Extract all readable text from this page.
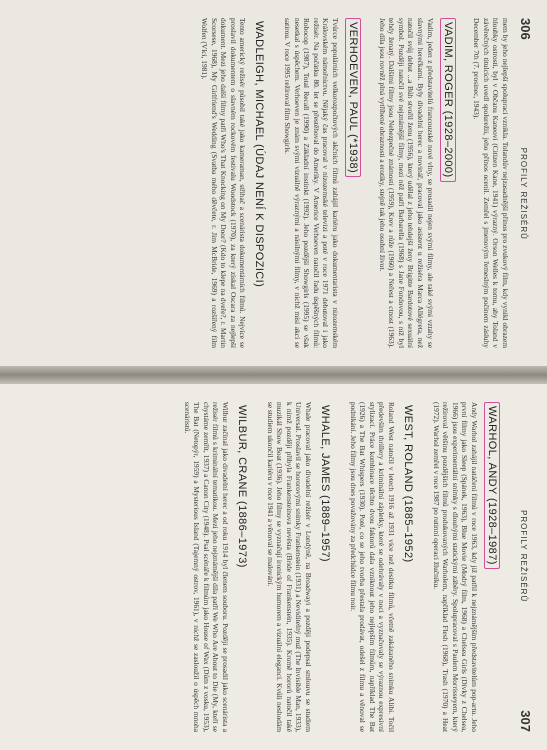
306
PROFILY REŽISÉRŮ

mem by jeho nejlepší spoluprací vznikla. Tolandův nejzasadnější přínos pro zvukový film, kdy vynikl obrazem hloubky ostrosti, byl v Občanu Kaneovi (Citizen Kane, 1941) výrazný. Orson Welles k tomu, aby Toland v závěrečných titulcích uvedl spolurežii, jeho přínos ocenil. Zemřel s jmenovým řemeslným počinem zásluhy December 7th (7. prosinec, 1943).

VADIM, ROGER (1928–2000)

Vadim, jeden z představitelů francouzské nové vlny, se prosadil nejen svými filmy, ale také svými vztahy se slavnými herečkami. Byly divadelní herec a novinář, pracoval jako asistent u režiséra Marca Allégreta, než natočil svůj debut ...a Bůh stvořil ženu (1956), který udělal z jeho tehdejší ženy Brigitte Bardotové sexuální symbol. Později natočil své nejznámější filmy, mezi něž patří Barbarella (1968) s Jane Fondovou, s níž byl tehdy ženatý. Dalšími filmy jsou Nebezpečné známosti (1959), Krev a růže (1960) a Neřest a ctnost (1963). Jeho díla jsou rovněž plná vytříbené obraznosti a erotiky, stejně tak jeho osobní život.

VERHOEVEN, PAUL (*1938)

Tvůrce populárních velkorozpočtových akčních filmů zahájil kariéru jako dokumentarista v nizozemském Královském námořnictvu. Nějaký čas pracoval v nizozemské televizi a poté v roce 1971 debutoval i jako režisér. Na počátku 80. let se přestěhoval do Ameriky. V Americe Verhoeven natočil řadu úspěšných filmů: Robocop (1987), Total Recall (1990) a Základní instinkt (1992). Jeho pozdější Showgirls (1995) se však nesetkal s úspěchem. Verhoeven je znám svými vizuálně výraznými a násilnými filmy, v nichž mísí akci se satirou. V roce 1995 režíroval film Showgirls.

WADLEIGH, MICHAEL (ÚDAJ NENÍ K DISPOZICI)

Tento americký režisér působil také jako kameraman, střihač a scenárista dokumentárních filmů. Nejvíce se proslavil dokumentem o slavném rockovém festivalu Woodstock (1970), za který získal Oscara za nejlepší dokument. Mezi jeho další filmy patří Who's That Knocking on My Door? (Kdo to klepe na dveře?, r. Martin Scorsese, 1968), My Girlfriend's Wedding (Svatba mého děvčete, r. Jim McBride, 1969) a rozšířený film Wolfen (Vlci, 1981).

PROFILY REŽISÉRŮ
307
WARHOL, ANDY (1928–1987)

Andy Warhol zahájil natáčení filmů v roce 1963, kdy již patřil k nejznámějším představitelům pop-artu. Jeho první filmy jako Sleep (Spánek, 1963), Blue Movie (Modrý film, 1968) a Chelsea Girls (Dívky z Chelsea, 1966) jsou experimentální snímky s dlouhými statickými záběry. Spolupracoval s Paulem Morrisseyem, který režíroval většinu pozdějších filmů produkovaných Warholem, například Flesh (1968), Trash (1970) a Heat (1972). Warhol zemřel v roce 1987 po rutinní operaci žlučníku.

WEST, ROLAND (1885–1952)

Roland West natočil v letech 1916 až 1931 více než desítku filmů, včetně zakázaného snímku Alibi. Točil především thrillery a kriminální zápletky, které se odehrávaly v noci a vyznačovaly se výraznou expresivní stylizací. Práce kombinace těchto dvou faktorů dala vzniknout jeho nejlepším filmům, například The Bat (1926) a The Bat Whispers (1930). Poté, co se jeho tvorba přestala prodávat, odešel z filmu a věnoval se podnikání. Jeho filmy jsou dnes považovány za předchůdce filmu noir.

WHALE, JAMES (1889–1957)

Whale pracoval jako divadelní režisér v Londýně, na Broadwayi a později podepsal smlouvu se studiem Universal. Proslavil se hororovými snímky Frankenstein (1931) a Neviditelný muž (The Invisible Man, 1933), k nimž později přibyla Frankensteinova nevěsta (Bride of Frankenstein, 1935). Kromě hororů natočil také muzikál Show Boat (1936). Jeho filmy se vyznačují ironickým humorem a vizuální elegancí. Kvůli neshodám se studiem ukončil kariéru v roce 1941 a věnoval se malování.

WILBUR, CRANE (1886–1973)

Wilbur začínal jako divadelní herec a od roku 1914 byl členem souboru. Později se prosadil jako scenárista a režisér filmů s kriminální tematikou. Mezi jeho nejznámější díla patří We Who Are About to Die (My, kteří se chystáme zemřít, 1937) a Canon City (1948). Psal scénáře k filmům jako House of Wax (Dům z vosku, 1953), The Bat (Netopýr, 1959) a Mysterious Island (Tajemný ostrov, 1961), v nichž se zasloužil o úspěch mnoha scenáristů.
